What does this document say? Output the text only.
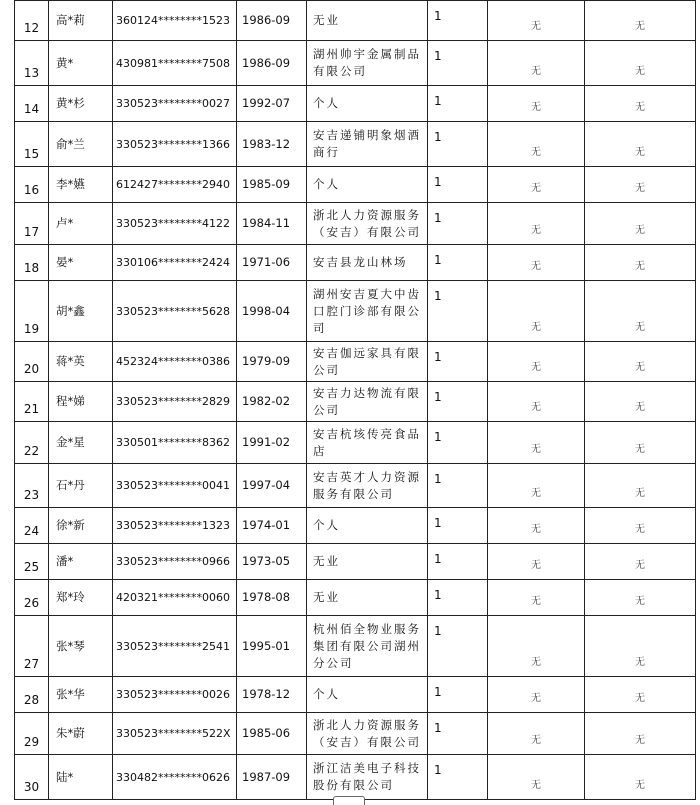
12	高*莉	360124********1523	1986-09	无业	1	无	无
13	黄*	430981********7508	1986-09	湖州帅宇金属制品有限公司	1	无	无
14	黄*杉	330523********0027	1992-07	个人	1	无	无
15	俞*兰	330523********1366	1983-12	安吉递铺明象烟酒商行	1	无	无
16	李*嬿	612427********2940	1985-09	个人	1	无	无
17	卢*	330523********4122	1984-11	浙北人力资源服务（安吉）有限公司	1	无	无
18	晏*	330106********2424	1971-06	安吉县龙山林场	1	无	无
19	胡*鑫	330523********5628	1998-04	湖州安吉夏大中齿口腔门诊部有限公司	1	无	无
20	蒋*英	452324********0386	1979-09	安吉伽远家具有限公司	1	无	无
21	程*娣	330523********2829	1982-02	安吉力达物流有限公司	1	无	无
22	金*星	330501********8362	1991-02	安吉杭垓传亮食品店	1	无	无
23	石*丹	330523********0041	1997-04	安吉英才人力资源服务有限公司	1	无	无
24	徐*新	330523********1323	1974-01	个人	1	无	无
25	潘*	330523********0966	1973-05	无业	1	无	无
26	郑*玲	420321********0060	1978-08	无业	1	无	无
27	张*琴	330523********2541	1995-01	杭州佰全物业服务集团有限公司湖州分公司	1	无	无
28	张*华	330523********0026	1978-12	个人	1	无	无
29	朱*蔚	330523********522X	1985-06	浙北人力资源服务（安吉）有限公司	1	无	无
30	陆*	330482********0626	1987-09	浙江洁美电子科技股份有限公司	1	无	无
